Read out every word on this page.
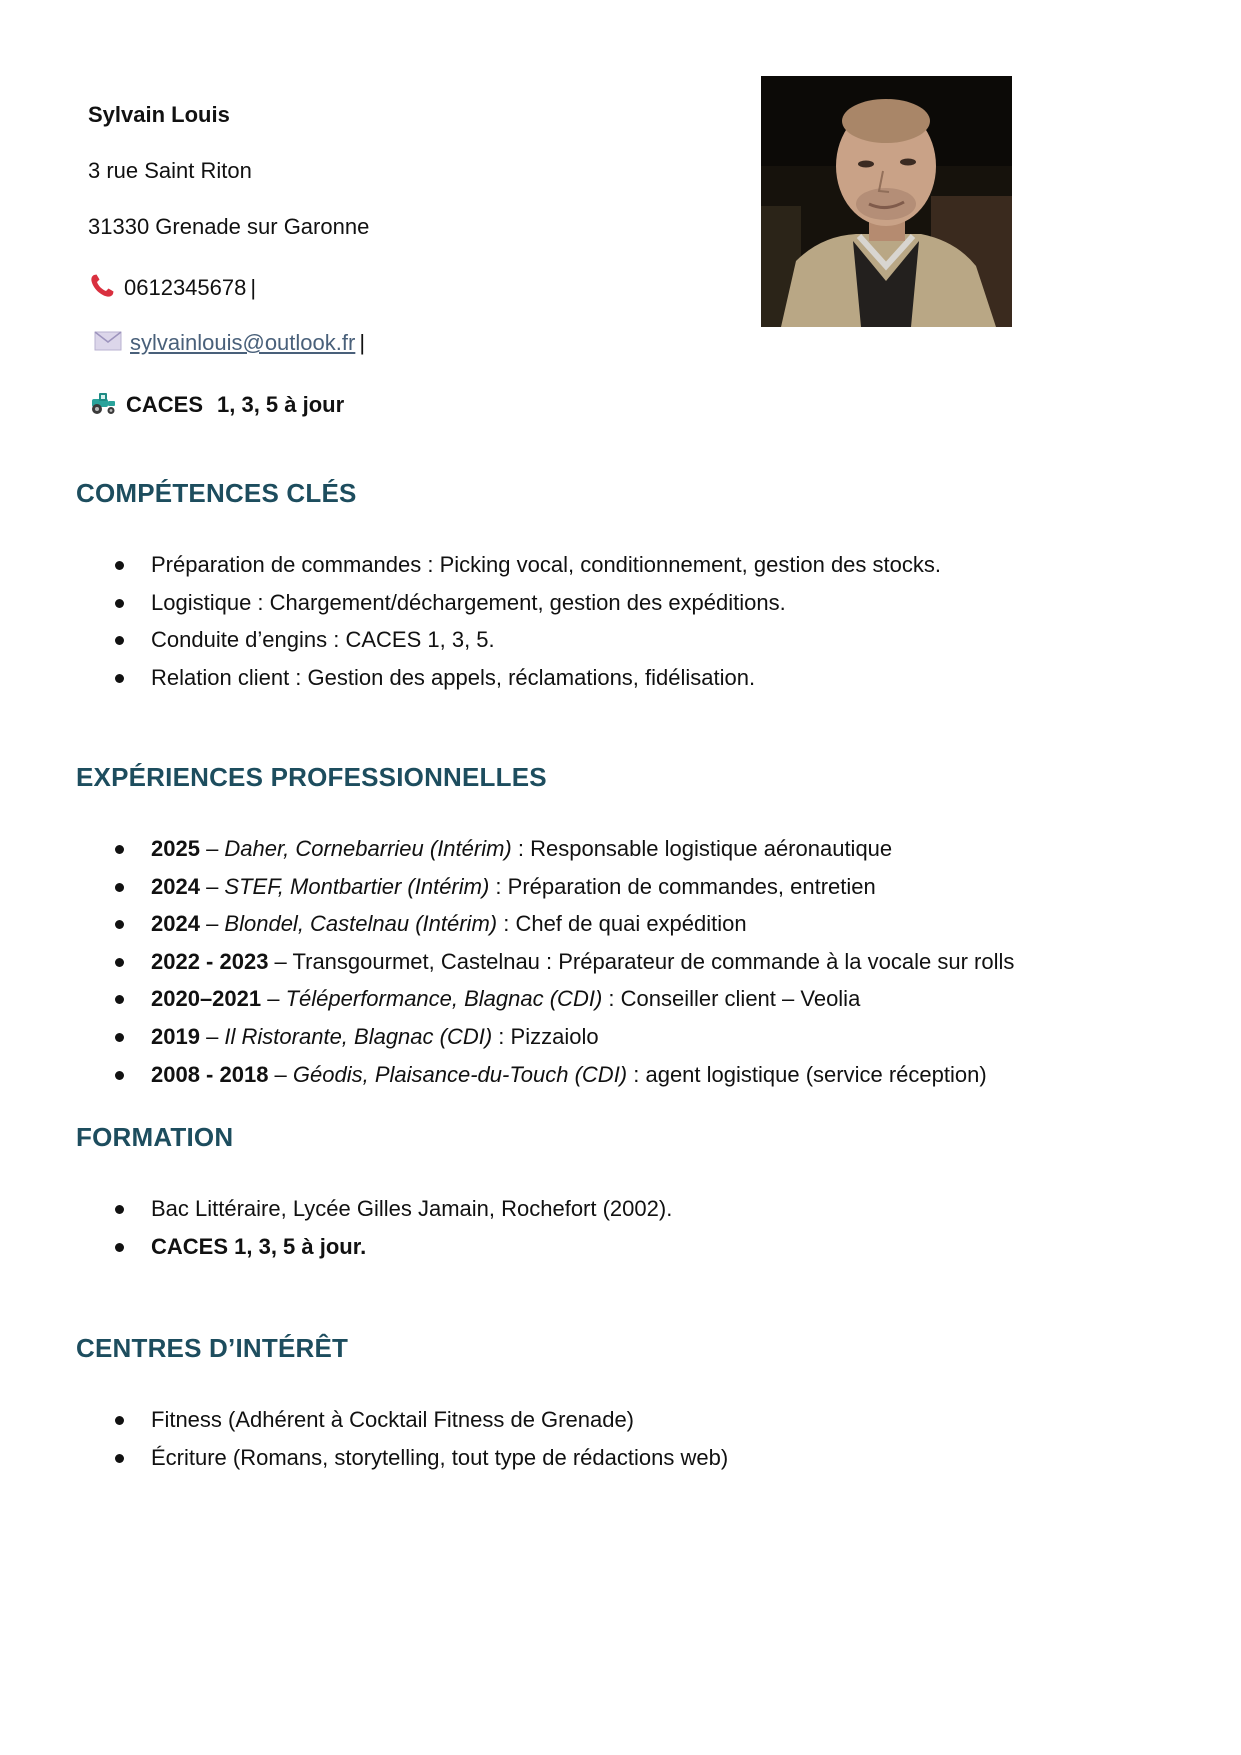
Sylvain Louis
3 rue Saint Riton
31330 Grenade sur Garonne
0612345678 |
sylvainlouis@outlook.fr |
CACES 1, 3, 5 à jour
COMPÉTENCES CLÉS
Préparation de commandes : Picking vocal, conditionnement, gestion des stocks.
Logistique : Chargement/déchargement, gestion des expéditions.
Conduite d’engins : CACES 1, 3, 5.
Relation client : Gestion des appels, réclamations, fidélisation.
EXPÉRIENCES PROFESSIONNELLES
2025 – Daher, Cornebarrieu (Intérim) : Responsable logistique aéronautique
2024 – STEF, Montbartier (Intérim) : Préparation de commandes, entretien
2024 – Blondel, Castelnau (Intérim) : Chef de quai expédition
2022 - 2023 – Transgourmet, Castelnau : Préparateur de commande à la vocale sur rolls
2020–2021 – Téléperformance, Blagnac (CDI) : Conseiller client – Veolia
2019 – Il Ristorante, Blagnac (CDI) : Pizzaiolo
2008 - 2018 – Géodis, Plaisance-du-Touch (CDI) : agent logistique (service réception)
FORMATION
Bac Littéraire, Lycée Gilles Jamain, Rochefort (2002).
CACES 1, 3, 5 à jour.
CENTRES D’INTÉRÊT
Fitness (Adhérent à Cocktail Fitness de Grenade)
Écriture (Romans, storytelling, tout type de rédactions web)
